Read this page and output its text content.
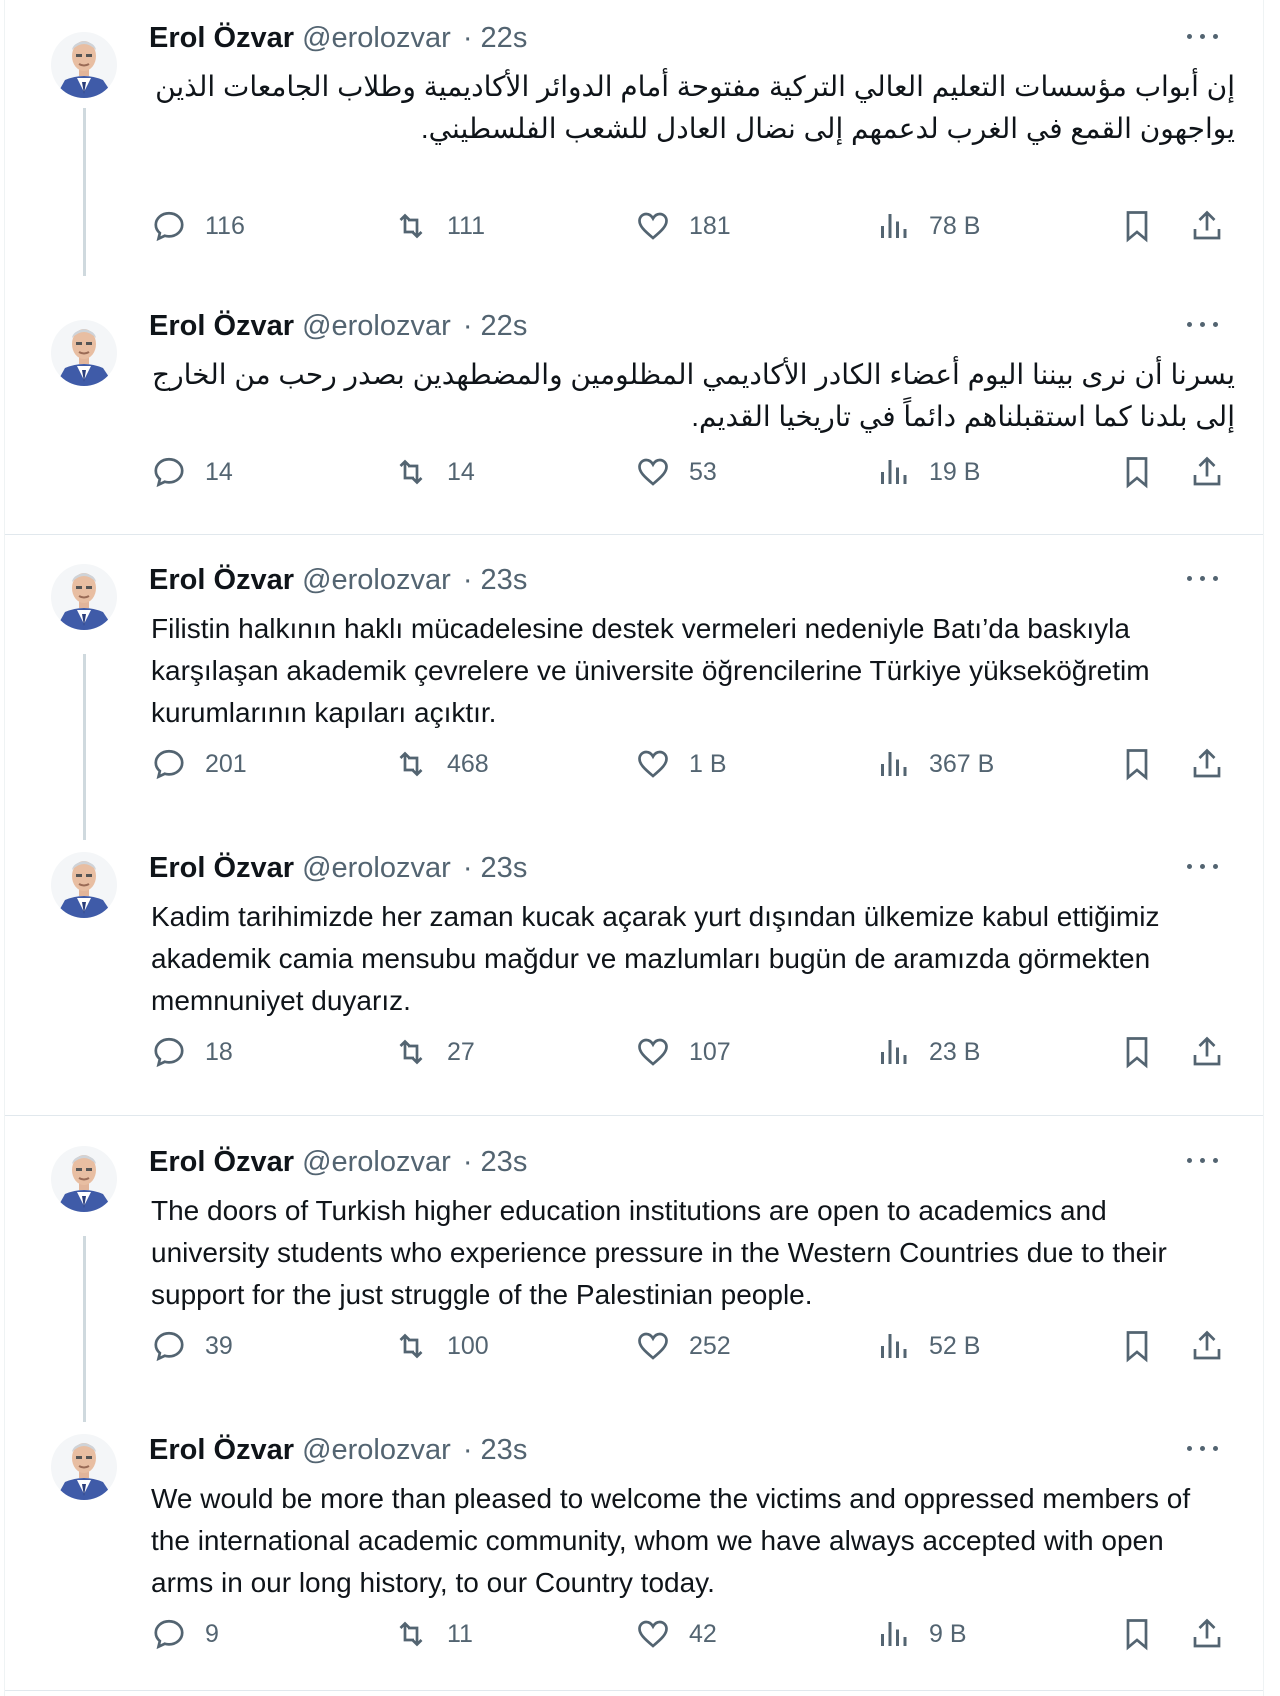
Erol Özvar @erolozvar · 22s
إن أبواب مؤسسات التعليم العالي التركية مفتوحة أمام الدوائر الأكاديمية وطلاب الجامعات الذين يواجهون القمع في الغرب لدعمهم إلى نضال العادل للشعب الفلسطيني.
116	111	181	78 B
Erol Özvar @erolozvar · 22s
يسرنا أن نرى بيننا اليوم أعضاء الكادر الأكاديمي المظلومين والمضطهدين بصدر رحب من الخارج إلى بلدنا كما استقبلناهم دائماً في تاريخيا القديم.
14	14	53	19 B
Erol Özvar @erolozvar · 23s
Filistin halkının haklı mücadelesine destek vermeleri nedeniyle Batı’da baskıyla karşılaşan akademik çevrelere ve üniversite öğrencilerine Türkiye yükseköğretim kurumlarının kapıları açıktır.
201	468	1 B	367 B
Erol Özvar @erolozvar · 23s
Kadim tarihimizde her zaman kucak açarak yurt dışından ülkemize kabul ettiğimiz akademik camia mensubu mağdur ve mazlumları bugün de aramızda görmekten memnuniyet duyarız.
18	27	107	23 B
Erol Özvar @erolozvar · 23s
The doors of Turkish higher education institutions are open to academics and university students who experience pressure in the Western Countries due to their support for the just struggle of the Palestinian people.
39	100	252	52 B
Erol Özvar @erolozvar · 23s
We would be more than pleased to welcome the victims and oppressed members of the international academic community, whom we have always accepted with open arms in our long history, to our Country today.
9	11	42	9 B
